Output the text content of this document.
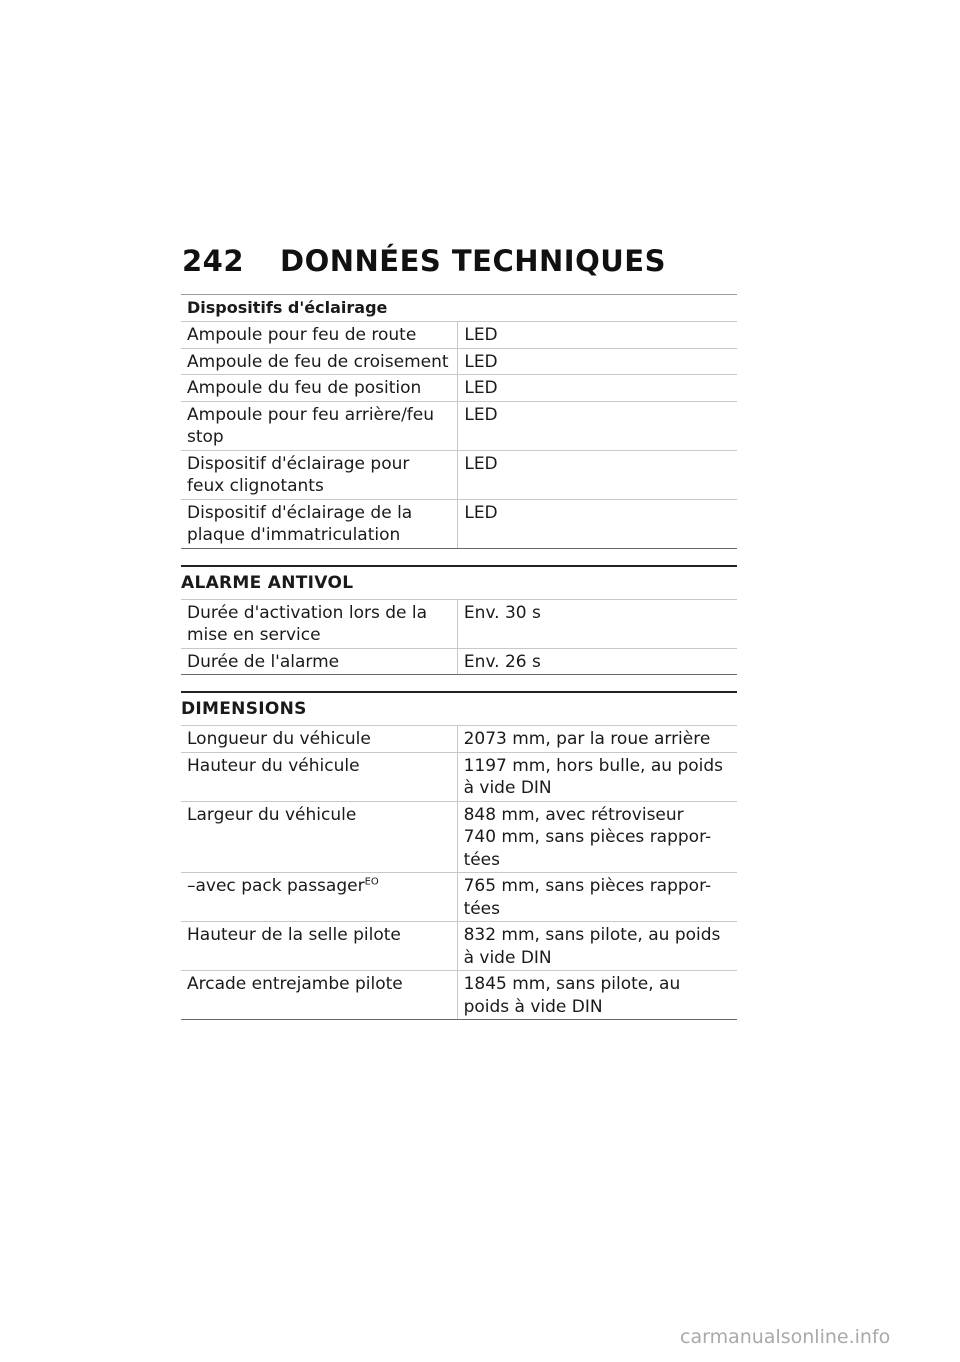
242	DONNÉES TECHNIQUES
Dispositifs d'éclairage
Ampoule pour feu de route	LED
Ampoule de feu de croisement	LED
Ampoule du feu de position	LED
Ampoule pour feu arrière/feu stop	LED
Dispositif d'éclairage pour feux clignotants	LED
Dispositif d'éclairage de la plaque d'immatriculation	LED
ALARME ANTIVOL
Durée d'activation lors de la mise en service	Env. 30 s
Durée de l'alarme	Env. 26 s
DIMENSIONS
Longueur du véhicule	2073 mm, par la roue arrière
Hauteur du véhicule	1197 mm, hors bulle, au poids à vide DIN
Largeur du véhicule	848 mm, avec rétroviseur
740 mm, sans pièces rappor-tées

–avec pack passager$^{EO}$	765 mm, sans pièces rappor-tées
Hauteur de la selle pilote	832 mm, sans pilote, au poids à vide DIN
Arcade entrejambe pilote	1845 mm, sans pilote, au poids à vide DIN
carmanualsonline.info
